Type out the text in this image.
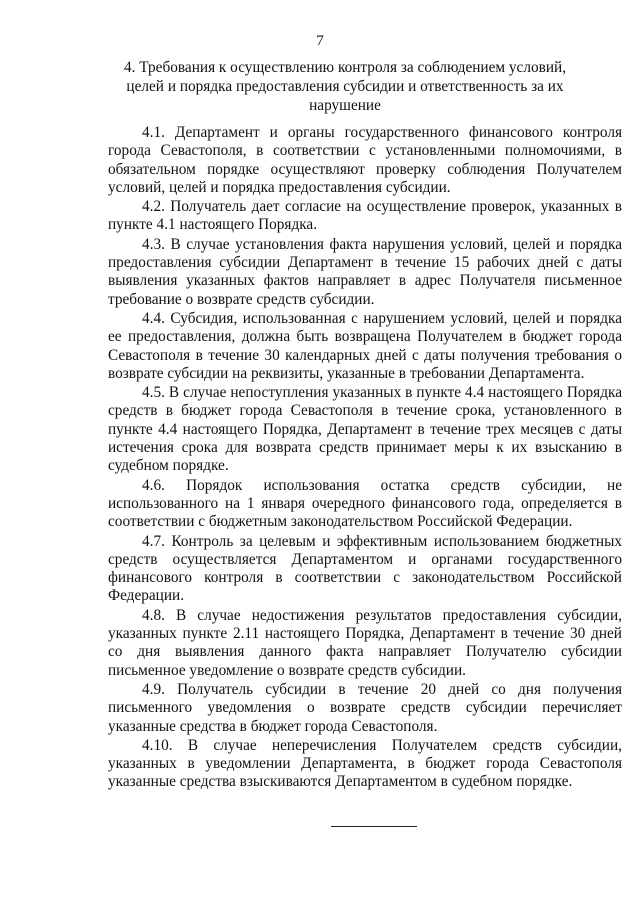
7
4. Требования к осуществлению контроля за соблюдением условий, целей и порядка предоставления субсидии и ответственность за их нарушение

4.1. Департамент и органы государственного финансового контроля города Севастополя, в соответствии с установленными полномочиями, в обязательном порядке осуществляют проверку соблюдения Получателем условий, целей и порядка предоставления субсидии.

4.2. Получатель дает согласие на осуществление проверок, указанных в пункте 4.1 настоящего Порядка.

4.3. В случае установления факта нарушения условий, целей и порядка предоставления субсидии Департамент в течение 15 рабочих дней с даты выявления указанных фактов направляет в адрес Получателя письменное требование о возврате средств субсидии.

4.4. Субсидия, использованная с нарушением условий, целей и порядка ее предоставления, должна быть возвращена Получателем в бюджет города Севастополя в течение 30 календарных дней с даты получения требования о возврате субсидии на реквизиты, указанные в требовании Департамента.

4.5. В случае непоступления указанных в пункте 4.4 настоящего Порядка средств в бюджет города Севастополя в течение срока, установленного в пункте 4.4 настоящего Порядка, Департамент в течение трех месяцев с даты истечения срока для возврата средств принимает меры к их взысканию в судебном порядке.

4.6. Порядок использования остатка средств субсидии, не использованного на 1 января очередного финансового года, определяется в соответствии с бюджетным законодательством Российской Федерации.

4.7. Контроль за целевым и эффективным использованием бюджетных средств осуществляется Департаментом и органами государственного финансового контроля в соответствии с законодательством Российской Федерации.

4.8. В случае недостижения результатов предоставления субсидии, указанных пункте 2.11 настоящего Порядка, Департамент в течение 30 дней со дня выявления данного факта направляет Получателю субсидии письменное уведомление о возврате средств субсидии.

4.9. Получатель субсидии в течение 20 дней со дня получения письменного уведомления о возврате средств субсидии перечисляет указанные средства в бюджет города Севастополя.

4.10. В случае неперечисления Получателем средств субсидии, указанных в уведомлении Департамента, в бюджет города Севастополя указанные средства взыскиваются Департаментом в судебном порядке.
